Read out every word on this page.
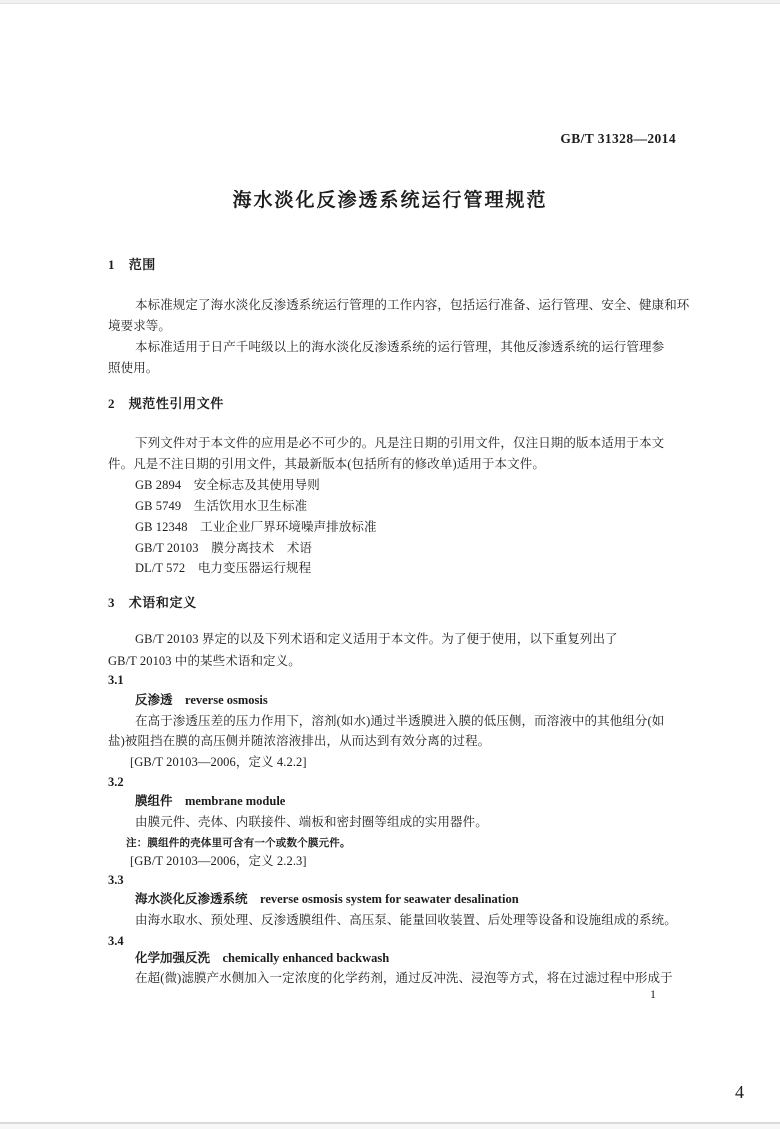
GB/T 31328—2014
海水淡化反渗透系统运行管理规范
1　范围
本标准规定了海水淡化反渗透系统运行管理的工作内容，包括运行准备、运行管理、安全、健康和环
境要求等。
本标准适用于日产千吨级以上的海水淡化反渗透系统的运行管理，其他反渗透系统的运行管理参
照使用。
2　规范性引用文件
下列文件对于本文件的应用是必不可少的。凡是注日期的引用文件，仅注日期的版本适用于本文
件。凡是不注日期的引用文件，其最新版本(包括所有的修改单)适用于本文件。
GB 2894　安全标志及其使用导则
GB 5749　生活饮用水卫生标准
GB 12348　工业企业厂界环境噪声排放标准
GB/T 20103　膜分离技术　术语
DL/T 572　电力变压器运行规程
3　术语和定义
GB/T 20103 界定的以及下列术语和定义适用于本文件。为了便于使用，以下重复列出了
GB/T 20103 中的某些术语和定义。
3.1
反渗透　reverse osmosis
在高于渗透压差的压力作用下，溶剂(如水)通过半透膜进入膜的低压侧，而溶液中的其他组分(如
盐)被阻挡在膜的高压侧并随浓溶液排出，从而达到有效分离的过程。
[GB/T 20103—2006，定义 4.2.2]
3.2
膜组件　membrane module
由膜元件、壳体、内联接件、端板和密封圈等组成的实用器件。
注：膜组件的壳体里可含有一个或数个膜元件。
[GB/T 20103—2006，定义 2.2.3]
3.3
海水淡化反渗透系统　reverse osmosis system for seawater desalination
由海水取水、预处理、反渗透膜组件、高压泵、能量回收装置、后处理等设备和设施组成的系统。
3.4
化学加强反洗　chemically enhanced backwash
在超(微)滤膜产水侧加入一定浓度的化学药剂，通过反冲洗、浸泡等方式，将在过滤过程中形成于
1
4
